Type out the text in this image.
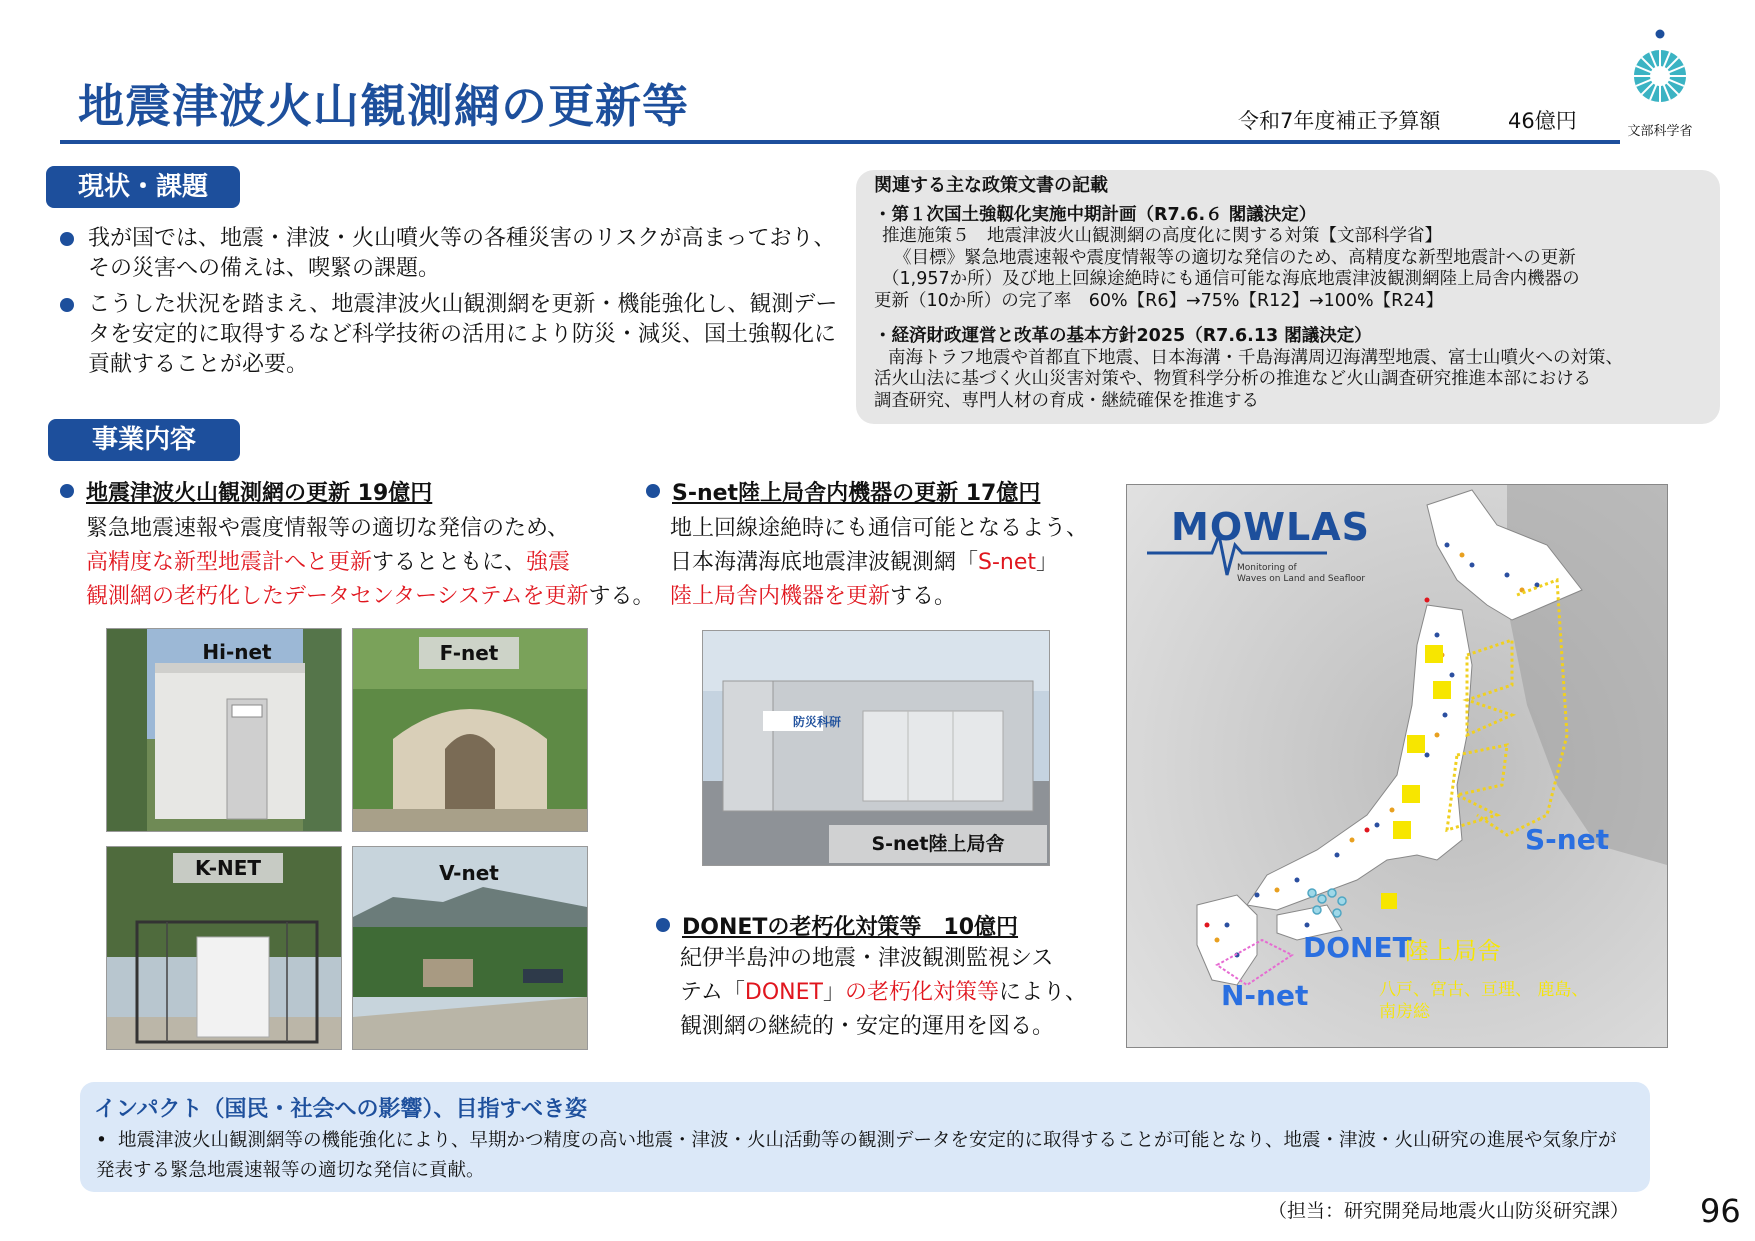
地震津波火山観測網の更新等	令和7年度補正予算額	46億円	文部科学省
現状・課題
我が国では、地震・津波・火山噴火等の各種災害のリスクが高まっており、その災害への備えは、喫緊の課題。
こうした状況を踏まえ、地震津波火山観測網を更新・機能強化し、観測データを安定的に取得するなど科学技術の活用により防災・減災、国土強靱化に貢献することが必要。
関連する主な政策文書の記載
・第１次国土強靱化実施中期計画（R7.6.６ 閣議決定）
推進施策５　地震津波火山観測網の高度化に関する対策【文部科学省】
《目標》緊急地震速報や震度情報等の適切な発信のため、高精度な新型地震計への更新
（1,957か所）及び地上回線途絶時にも通信可能な海底地震津波観測網陸上局舎内機器の
更新（10か所）の完了率　60%【R6】→75%【R12】→100%【R24】
・経済財政運営と改革の基本方針2025（R7.6.13 閣議決定）
南海トラフ地震や首都直下地震、日本海溝・千島海溝周辺海溝型地震、富士山噴火への対策、
活火山法に基づく火山災害対策や、物質科学分析の推進など火山調査研究推進本部における
調査研究、専門人材の育成・継続確保を推進する
事業内容
地震津波火山観測網の更新 19億円
緊急地震速報や震度情報等の適切な発信のため、
高精度な新型地震計へと更新するとともに、強震
観測網の老朽化したデータセンターシステムを更新する。
Hi-net	F-net
K-NET	V-net
S-net陸上局舎内機器の更新 17億円
地上回線途絶時にも通信可能となるよう、
日本海溝海底地震津波観測網「S-net」
陸上局舎内機器を更新する。
防災科研
S-net陸上局舎
DONETの老朽化対策等　10億円
紀伊半島沖の地震・津波観測監視シス
テム「DONET」の老朽化対策等により、
観測網の継続的・安定的運用を図る。
MOWLAS
Monitoring of
Waves on Land and Seafloor
S-net
DONET
N-net
陸上局舎
八戸、宮古、亘理、 鹿島、
南房総
インパクト（国民・社会への影響）、目指すべき姿
• 地震津波火山観測網等の機能強化により、早期かつ精度の高い地震・津波・火山活動等の観測データを安定的に取得することが可能となり、地震・津波・火山研究の進展や気象庁が発表する緊急地震速報等の適切な発信に貢献。
（担当：研究開発局地震火山防災研究課） 96
